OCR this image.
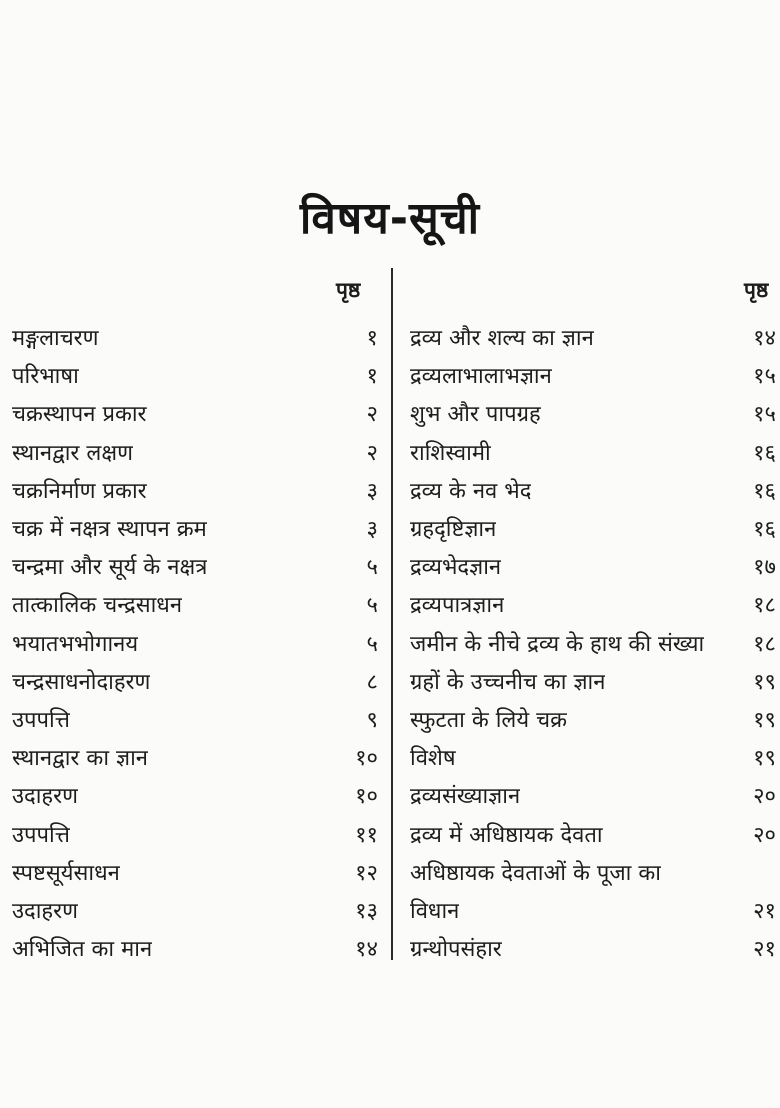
विषय-सूची
पृष्ठ	पृष्ठ
मङ्गलाचरण	१
परिभाषा	१
चक्रस्थापन प्रकार	२
स्थानद्वार लक्षण	२
चक्रनिर्माण प्रकार	३
चक्र में नक्षत्र स्थापन क्रम	३
चन्द्रमा और सूर्य के नक्षत्र	५
तात्कालिक चन्द्रसाधन	५
भयातभभोगानय	५
चन्द्रसाधनोदाहरण	८
उपपत्ति	९
स्थानद्वार का ज्ञान	१०
उदाहरण	१०
उपपत्ति	११
स्पष्टसूर्यसाधन	१२
उदाहरण	१३
अभिजित का मान	१४
द्रव्य और शल्य का ज्ञान	१४
द्रव्यलाभालाभज्ञान	१५
शुभ और पापग्रह	१५
राशिस्वामी	१६
द्रव्य के नव भेद	१६
ग्रहदृष्टिज्ञान	१६
द्रव्यभेदज्ञान	१७
द्रव्यपात्रज्ञान	१८
जमीन के नीचे द्रव्य के हाथ की संख्या १८
ग्रहों के उच्चनीच का ज्ञान	१९
स्फुटता के लिये चक्र	१९
विशेष	१९
द्रव्यसंख्याज्ञान	२०
द्रव्य में अधिष्ठायक देवता	२०
अधिष्ठायक देवताओं के पूजा का
विधान	२१
ग्रन्थोपसंहार	२१
